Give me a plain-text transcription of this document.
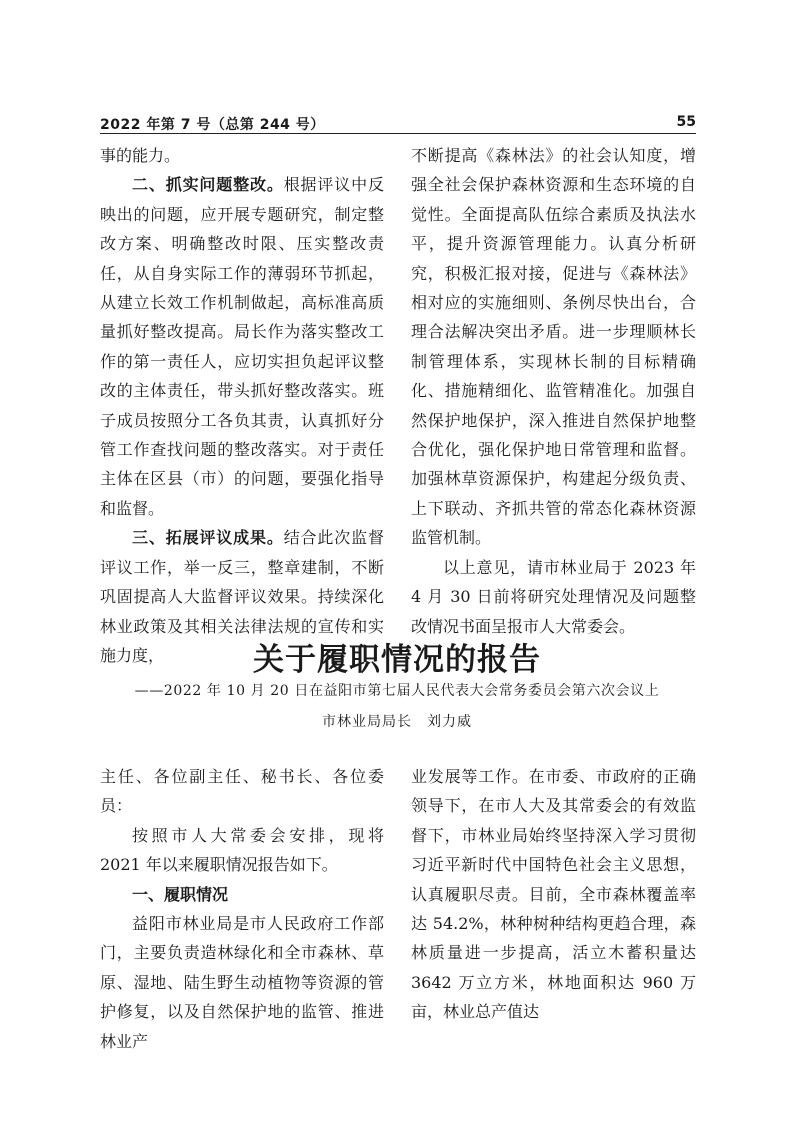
2022 年第 7 号（总第 244 号）	55

事的能力。

二、抓实问题整改。根据评议中反映出的问题，应开展专题研究，制定整改方案、明确整改时限、压实整改责任，从自身实际工作的薄弱环节抓起，从建立长效工作机制做起，高标准高质量抓好整改提高。局长作为落实整改工作的第一责任人，应切实担负起评议整改的主体责任，带头抓好整改落实。班子成员按照分工各负其责，认真抓好分管工作查找问题的整改落实。对于责任主体在区县（市）的问题，要强化指导和监督。

三、拓展评议成果。结合此次监督评议工作，举一反三，整章建制，不断巩固提高人大监督评议效果。持续深化林业政策及其相关法律法规的宣传和实施力度，

不断提高《森林法》的社会认知度，增强全社会保护森林资源和生态环境的自觉性。全面提高队伍综合素质及执法水平，提升资源管理能力。认真分析研究，积极汇报对接，促进与《森林法》相对应的实施细则、条例尽快出台，合理合法解决突出矛盾。进一步理顺林长制管理体系，实现林长制的目标精确化、措施精细化、监管精准化。加强自然保护地保护，深入推进自然保护地整合优化，强化保护地日常管理和监督。加强林草资源保护，构建起分级负责、上下联动、齐抓共管的常态化森林资源监管机制。

以上意见，请市林业局于 2023 年 4 月 30 日前将研究处理情况及问题整改情况书面呈报市人大常委会。

关于履职情况的报告
——2022 年 10 月 20 日在益阳市第七届人民代表大会常务委员会第六次会议上
市林业局局长　刘力威

主任、各位副主任、秘书长、各位委员：

按照市人大常委会安排，现将 2021 年以来履职情况报告如下。

一、履职情况

益阳市林业局是市人民政府工作部门，主要负责造林绿化和全市森林、草原、湿地、陆生野生动植物等资源的管护修复，以及自然保护地的监管、推进林业产

业发展等工作。在市委、市政府的正确领导下，在市人大及其常委会的有效监督下，市林业局始终坚持深入学习贯彻习近平新时代中国特色社会主义思想，认真履职尽责。目前，全市森林覆盖率达 54.2%，林种树种结构更趋合理，森林质量进一步提高，活立木蓄积量达 3642 万立方米，林地面积达 960 万亩，林业总产值达
